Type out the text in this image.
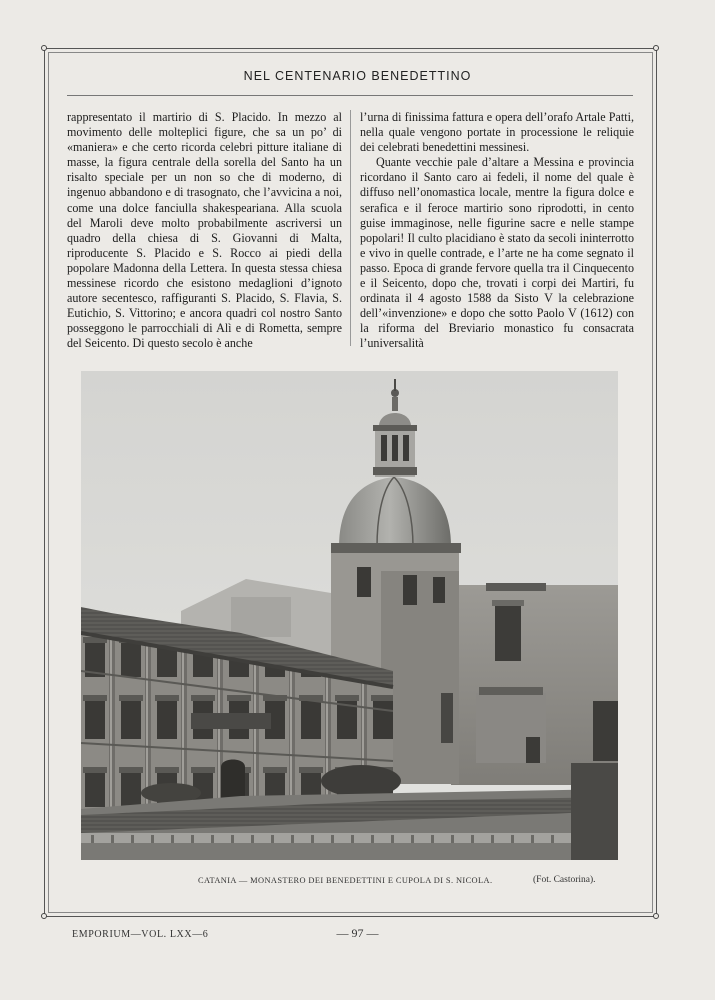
NEL CENTENARIO BENEDETTINO

rappresentato il martirio di S. Placido. In mezzo al movimento delle molteplici figure, che sa un po’ di «maniera» e che certo ricorda celebri pitture italiane di masse, la figura centrale della sorella del Santo ha un risalto speciale per un non so che di moderno, di ingenuo abbandono e di trasognato, che l’avvicina a noi, come una dolce fanciulla shakespeariana. Alla scuola del Maroli deve molto probabilmente ascriversi un quadro della chiesa di S. Giovanni di Malta, riproducente S. Placido e S. Rocco ai piedi della popolare Madonna della Lettera. In questa stessa chiesa messinese ricordo che esistono medaglioni d’ignoto autore secentesco, raffiguranti S. Placido, S. Flavia, S. Eutichio, S. Vittorino; e ancora quadri col nostro Santo posseggono le parrocchiali di Alì e di Rometta, sempre del Seicento. Di questo secolo è anche

l’urna di finissima fattura e opera dell’orafo Artale Patti, nella quale vengono portate in processione le reliquie dei celebrati benedettini messinesi.

Quante vecchie pale d’altare a Messina e provincia ricordano il Santo caro ai fedeli, il nome del quale è diffuso nell’onomastica locale, mentre la figura dolce e serafica e il feroce martirio sono riprodotti, in cento guise immaginose, nelle figurine sacre e nelle stampe popolari! Il culto placidiano è stato da secoli ininterrotto e vivo in quelle contrade, e l’arte ne ha come segnato il passo. Epoca di grande fervore quella tra il Cinquecento e il Seicento, dopo che, trovati i corpi dei Martiri, fu ordinata il 4 agosto 1588 da Sisto V la celebrazione dell’«invenzione» e dopo che sotto Paolo V (1612) con la riforma del Breviario monastico fu consacrata l’universalità

CATANIA — MONASTERO DEI BENEDETTINI E CUPOLA DI S. NICOLA.	(Fot. Castorina).
EMPORIUM—VOL. LXX—6	— 97 —
